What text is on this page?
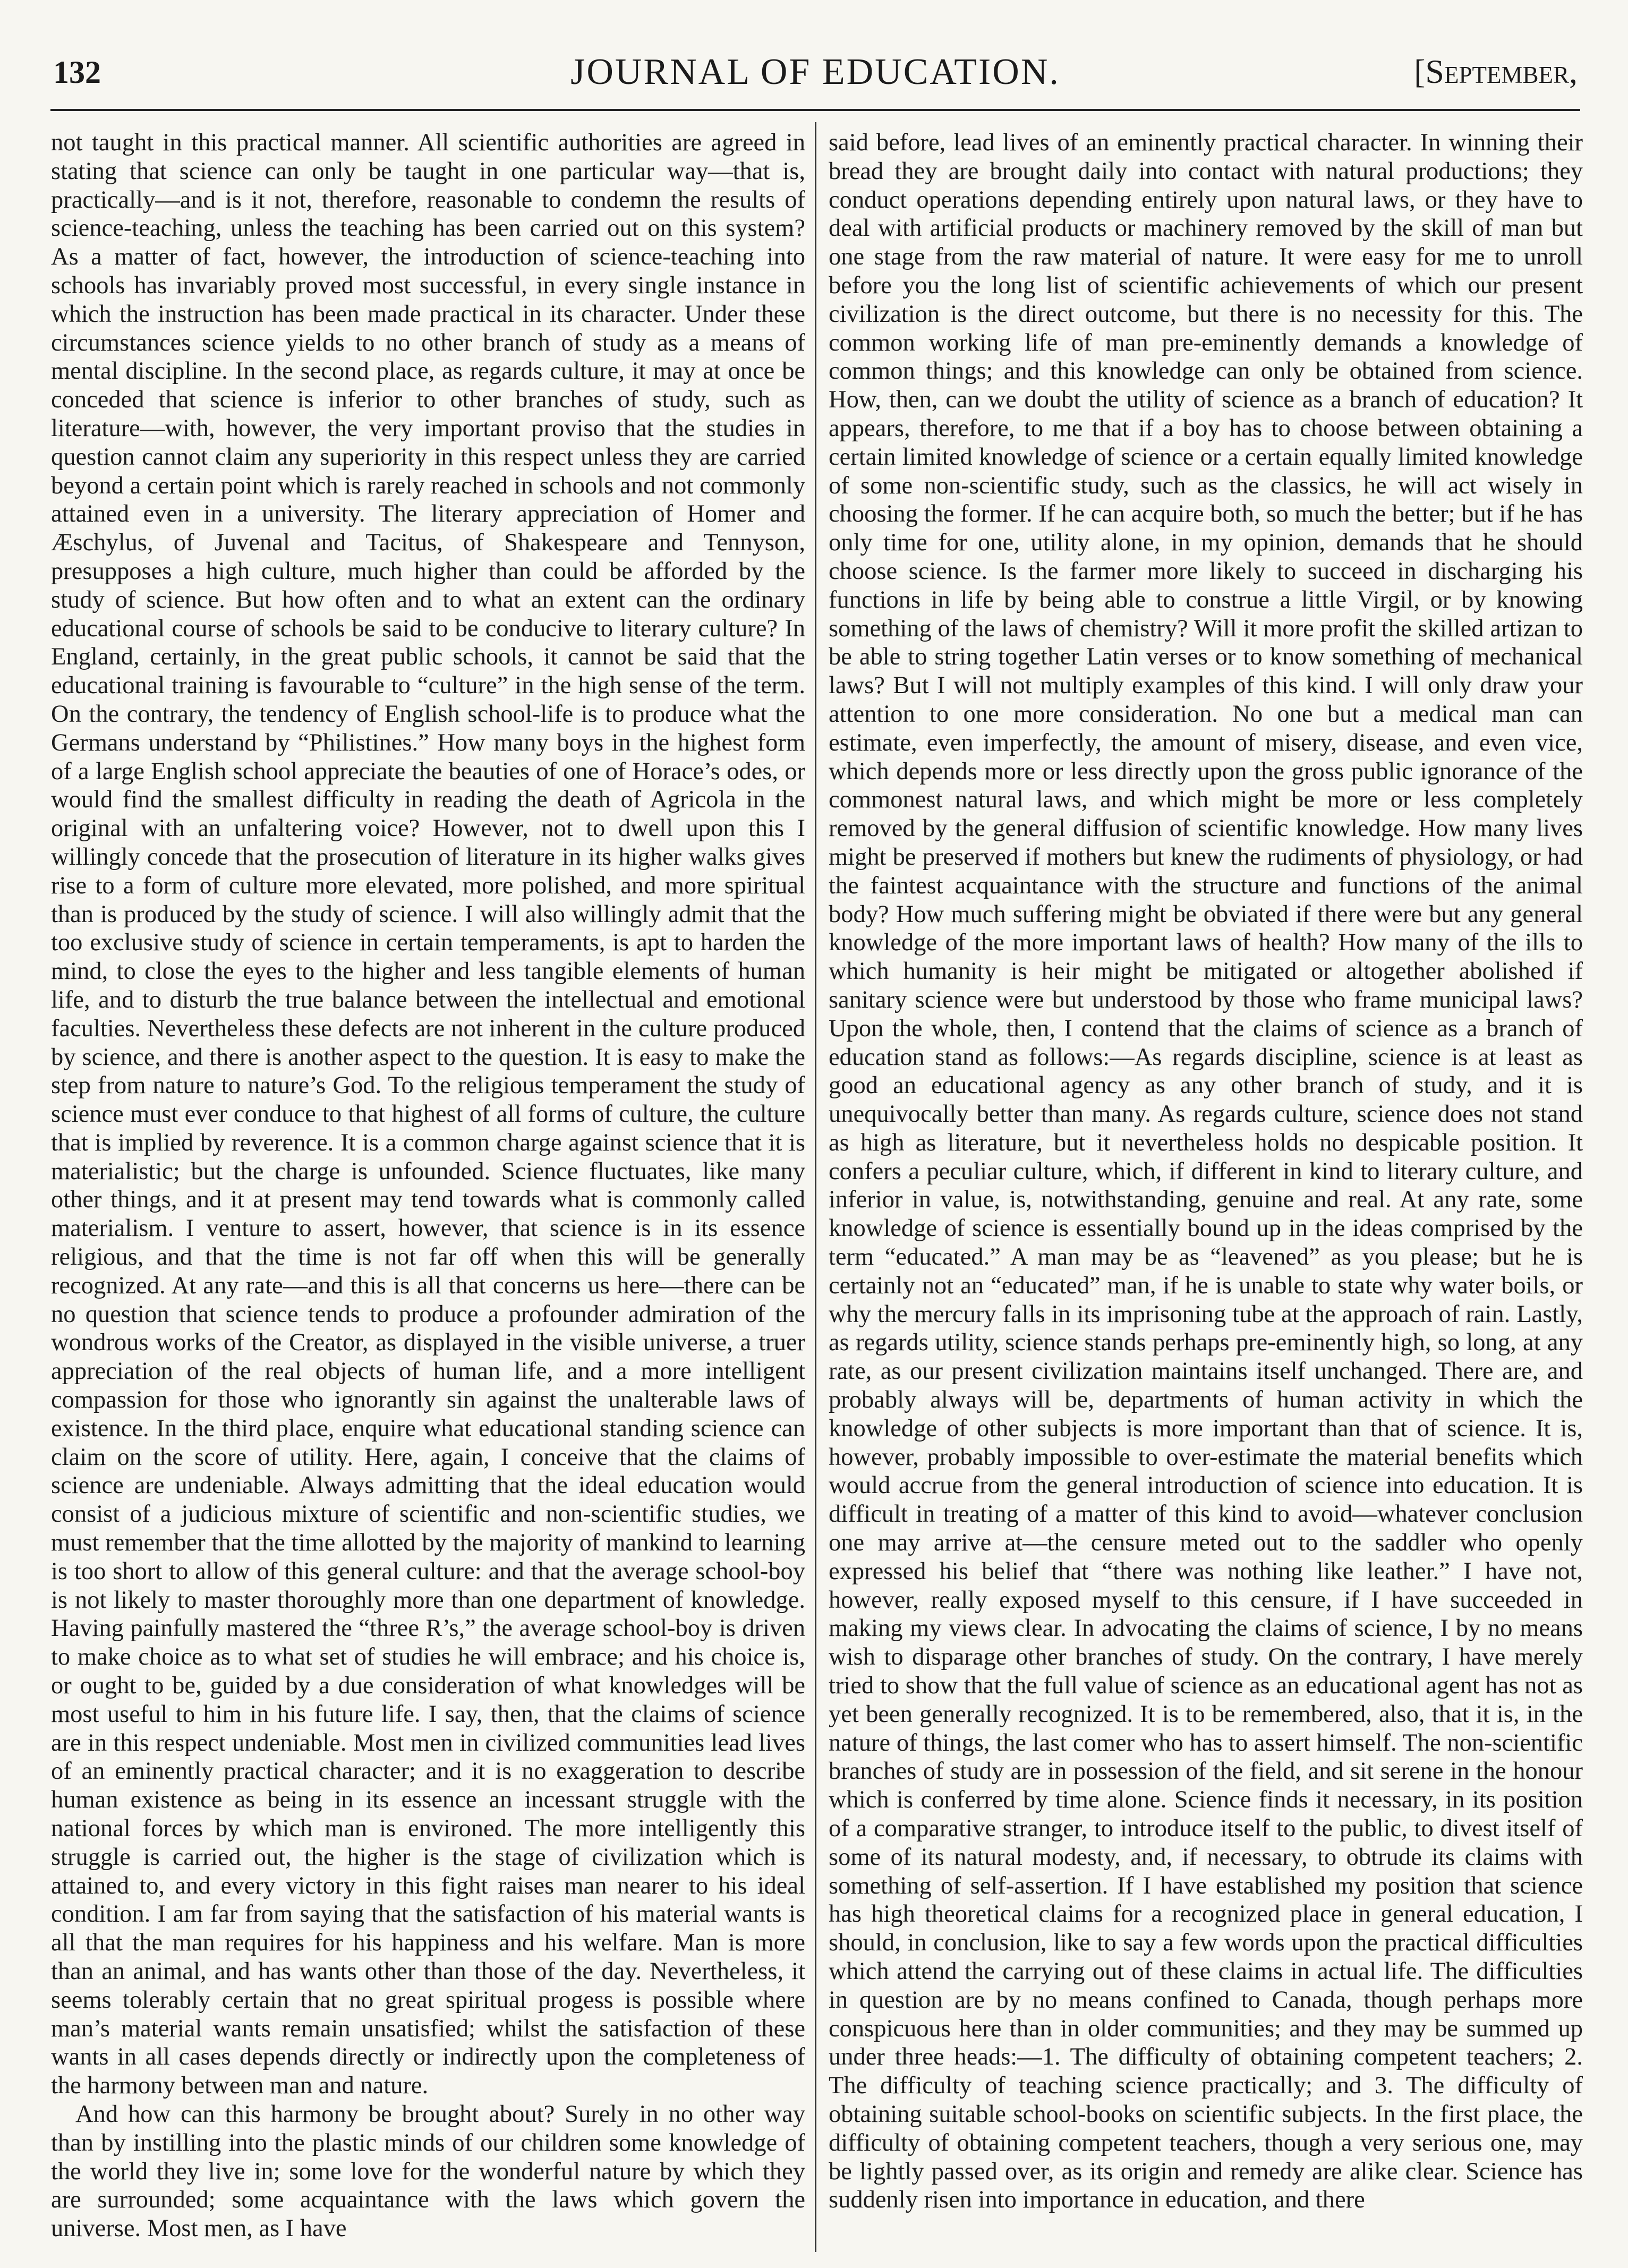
132	JOURNAL OF EDUCATION.	[September,

not taught in this practical manner. All scientific authorities are agreed in stating that science can only be taught in one particular way—that is, practically—and is it not, therefore, reasonable to condemn the results of science-teaching, unless the teaching has been carried out on this system? As a matter of fact, however, the introduction of science-teaching into schools has invariably proved most successful, in every single instance in which the instruction has been made practical in its character. Under these circumstances science yields to no other branch of study as a means of mental discipline. In the second place, as regards culture, it may at once be conceded that science is inferior to other branches of study, such as literature—with, however, the very important proviso that the studies in question cannot claim any superiority in this respect unless they are carried beyond a certain point which is rarely reached in schools and not commonly attained even in a university. The literary appreciation of Homer and Æschylus, of Juvenal and Tacitus, of Shakespeare and Tennyson, presupposes a high culture, much higher than could be afforded by the study of science. But how often and to what an extent can the ordinary educational course of schools be said to be conducive to literary culture? In England, certainly, in the great public schools, it cannot be said that the educational training is favourable to “culture” in the high sense of the term. On the contrary, the tendency of English school-life is to produce what the Germans understand by “Philistines.” How many boys in the highest form of a large English school appreciate the beauties of one of Horace’s odes, or would find the smallest difficulty in reading the death of Agricola in the original with an unfaltering voice? However, not to dwell upon this I willingly concede that the prosecution of literature in its higher walks gives rise to a form of culture more elevated, more polished, and more spiritual than is produced by the study of science. I will also willingly admit that the too exclusive study of science in certain temperaments, is apt to harden the mind, to close the eyes to the higher and less tangible elements of human life, and to disturb the true balance between the intellectual and emotional faculties. Nevertheless these defects are not inherent in the culture produced by science, and there is another aspect to the question. It is easy to make the step from nature to nature’s God. To the religious temperament the study of science must ever conduce to that highest of all forms of culture, the culture that is implied by reverence. It is a common charge against science that it is materialistic; but the charge is unfounded. Science fluctuates, like many other things, and it at present may tend towards what is commonly called materialism. I venture to assert, however, that science is in its essence religious, and that the time is not far off when this will be generally recognized. At any rate—and this is all that concerns us here—there can be no question that science tends to produce a profounder admiration of the wondrous works of the Creator, as displayed in the visible universe, a truer appreciation of the real objects of human life, and a more intelligent compassion for those who ignorantly sin against the unalterable laws of existence. In the third place, enquire what educational standing science can claim on the score of utility. Here, again, I conceive that the claims of science are undeniable. Always admitting that the ideal education would consist of a judicious mixture of scientific and non-scientific studies, we must remember that the time allotted by the majority of mankind to learning is too short to allow of this general culture: and that the average school-boy is not likely to master thoroughly more than one department of knowledge. Having painfully mastered the “three R’s,” the average school-boy is driven to make choice as to what set of studies he will embrace; and his choice is, or ought to be, guided by a due consideration of what knowledges will be most useful to him in his future life. I say, then, that the claims of science are in this respect undeniable. Most men in civilized communities lead lives of an eminently practical character; and it is no exaggeration to describe human existence as being in its essence an incessant struggle with the national forces by which man is environed. The more intelligently this struggle is carried out, the higher is the stage of civilization which is attained to, and every victory in this fight raises man nearer to his ideal condition. I am far from saying that the satisfaction of his material wants is all that the man requires for his happiness and his welfare. Man is more than an animal, and has wants other than those of the day. Nevertheless, it seems tolerably certain that no great spiritual progess is possible where man’s material wants remain unsatisfied; whilst the satisfaction of these wants in all cases depends directly or indirectly upon the completeness of the harmony between man and nature.

And how can this harmony be brought about? Surely in no other way than by instilling into the plastic minds of our children some knowledge of the world they live in; some love for the wonderful nature by which they are surrounded; some acquaintance with the laws which govern the universe. Most men, as I have

said before, lead lives of an eminently practical character. In winning their bread they are brought daily into contact with natural productions; they conduct operations depending entirely upon natural laws, or they have to deal with artificial products or machinery removed by the skill of man but one stage from the raw material of nature. It were easy for me to unroll before you the long list of scientific achievements of which our present civilization is the direct outcome, but there is no necessity for this. The common working life of man pre-eminently demands a knowledge of common things; and this knowledge can only be obtained from science. How, then, can we doubt the utility of science as a branch of education? It appears, therefore, to me that if a boy has to choose between obtaining a certain limited knowledge of science or a certain equally limited knowledge of some non-scientific study, such as the classics, he will act wisely in choosing the former. If he can acquire both, so much the better; but if he has only time for one, utility alone, in my opinion, demands that he should choose science. Is the farmer more likely to succeed in discharging his functions in life by being able to construe a little Virgil, or by knowing something of the laws of chemistry? Will it more profit the skilled artizan to be able to string together Latin verses or to know something of mechanical laws? But I will not multiply examples of this kind. I will only draw your attention to one more consideration. No one but a medical man can estimate, even imperfectly, the amount of misery, disease, and even vice, which depends more or less directly upon the gross public ignorance of the commonest natural laws, and which might be more or less completely removed by the general diffusion of scientific knowledge. How many lives might be preserved if mothers but knew the rudiments of physiology, or had the faintest acquaintance with the structure and functions of the animal body? How much suffering might be obviated if there were but any general knowledge of the more important laws of health? How many of the ills to which humanity is heir might be mitigated or altogether abolished if sanitary science were but understood by those who frame municipal laws? Upon the whole, then, I contend that the claims of science as a branch of education stand as follows:—As regards discipline, science is at least as good an educational agency as any other branch of study, and it is unequivocally better than many. As regards culture, science does not stand as high as literature, but it nevertheless holds no despicable position. It confers a peculiar culture, which, if different in kind to literary culture, and inferior in value, is, notwithstanding, genuine and real. At any rate, some knowledge of science is essentially bound up in the ideas comprised by the term “educated.” A man may be as “leavened” as you please; but he is certainly not an “educated” man, if he is unable to state why water boils, or why the mercury falls in its imprisoning tube at the approach of rain. Lastly, as regards utility, science stands perhaps pre-eminently high, so long, at any rate, as our present civilization maintains itself unchanged. There are, and probably always will be, departments of human activity in which the knowledge of other subjects is more important than that of science. It is, however, probably impossible to over-estimate the material benefits which would accrue from the general introduction of science into education. It is difficult in treating of a matter of this kind to avoid—whatever conclusion one may arrive at—the censure meted out to the saddler who openly expressed his belief that “there was nothing like leather.” I have not, however, really exposed myself to this censure, if I have succeeded in making my views clear. In advocating the claims of science, I by no means wish to disparage other branches of study. On the contrary, I have merely tried to show that the full value of science as an educational agent has not as yet been generally recognized. It is to be remembered, also, that it is, in the nature of things, the last comer who has to assert himself. The non-scientific branches of study are in possession of the field, and sit serene in the honour which is conferred by time alone. Science finds it necessary, in its position of a comparative stranger, to introduce itself to the public, to divest itself of some of its natural modesty, and, if necessary, to obtrude its claims with something of self-assertion. If I have established my position that science has high theoretical claims for a recognized place in general education, I should, in conclusion, like to say a few words upon the practical difficulties which attend the carrying out of these claims in actual life. The difficulties in question are by no means confined to Canada, though perhaps more conspicuous here than in older communities; and they may be summed up under three heads:—1. The difficulty of obtaining competent teachers; 2. The difficulty of teaching science practically; and 3. The difficulty of obtaining suitable school-books on scientific subjects. In the first place, the difficulty of obtaining competent teachers, though a very serious one, may be lightly passed over, as its origin and remedy are alike clear. Science has suddenly risen into importance in education, and there
